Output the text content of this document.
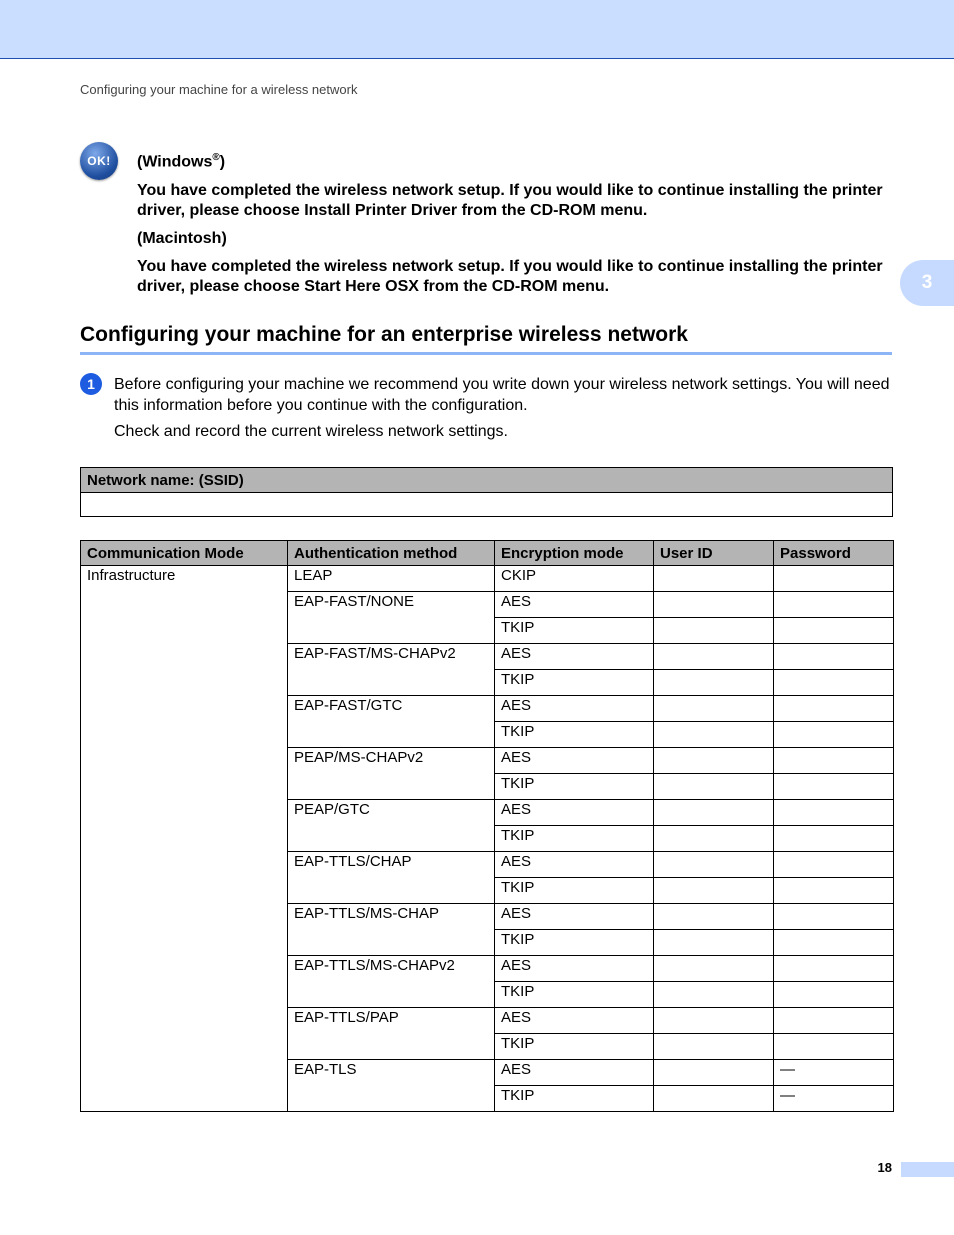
Configuring your machine for a wireless network
3
OK!	(Windows®)

You have completed the wireless network setup. If you would like to continue installing the printer driver, please choose Install Printer Driver from the CD-ROM menu.

(Macintosh)

You have completed the wireless network setup. If you would like to continue installing the printer driver, please choose Start Here OSX from the CD-ROM menu.

Configuring your machine for an enterprise wireless network
1	Before configuring your machine we recommend you write down your wireless network settings. You will need this information before you continue with the configuration.

Check and record the current wireless network settings.
Network name: (SSID)

Communication Mode	Authentication method	Encryption mode	User ID	Password
Infrastructure	LEAP	CKIP		
	EAP-FAST/NONE	AES		
		TKIP		
	EAP-FAST/MS-CHAPv2	AES		
		TKIP		
	EAP-FAST/GTC	AES		
		TKIP		
	PEAP/MS-CHAPv2	AES		
		TKIP		
	PEAP/GTC	AES		
		TKIP		
	EAP-TTLS/CHAP	AES		
		TKIP		
	EAP-TTLS/MS-CHAP	AES		
		TKIP		
	EAP-TTLS/MS-CHAPv2	AES		
		TKIP		
	EAP-TTLS/PAP	AES		
		TKIP		
	EAP-TLS	AES		—
		TKIP		—
18
